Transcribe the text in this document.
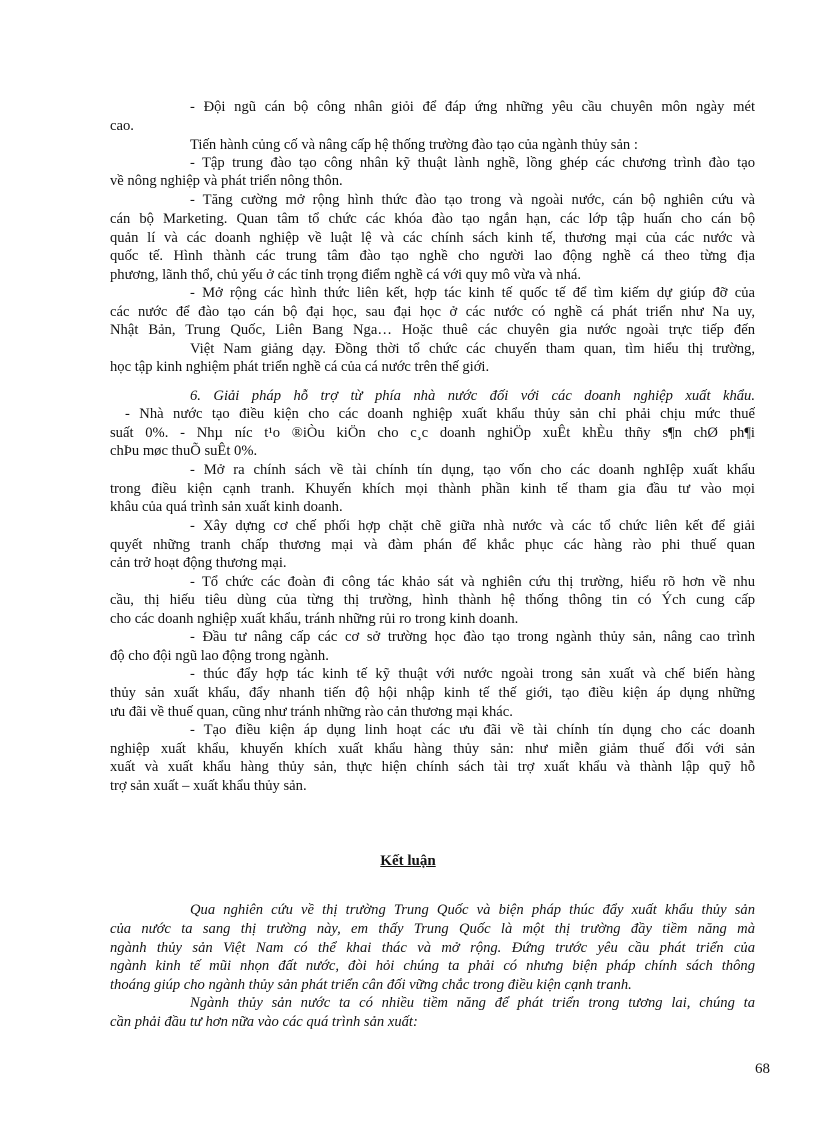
- Đội ngũ cán bộ công nhân giỏi để đáp ứng những yêu cầu chuyên môn ngày mét
cao.
Tiến hành củng cố và nâng cấp hệ thống trường đào tạo của ngành thủy sản :
- Tập trung đào tạo công nhân kỹ thuật lành nghề, lồng ghép các chương trình đào tạo
về nông nghiệp và phát triển nông thôn.
- Tăng cường mở rộng hình thức đào tạo trong và ngoài nước, cán bộ nghiên cứu và
cán bộ Marketing. Quan tâm tổ chức các khóa đào tạo ngắn hạn, các lớp tập huấn cho cán bộ
quản lí và các doanh nghiệp về luật lệ và các chính sách kinh tế, thương mại của các nước và
quốc tế. Hình thành các trung tâm đào tạo nghề cho người lao động nghề cá theo từng địa
phương, lãnh thổ, chủ yếu ở các tỉnh trọng điểm nghề cá với quy mô vừa và nhá.
- Mở rộng các hình thức liên kết, hợp tác kinh tế quốc tế để tìm kiếm dự giúp đỡ của
các nước để đào tạo cán bộ đại học, sau đại học ở các nước có nghề cá phát triển như Na uy,
Nhật Bản, Trung Quốc, Liên Bang Nga… Hoặc thuê các chuyên gia nước ngoài trực tiếp đến
Việt Nam giảng dạy. Đồng thời tổ chức các chuyến tham quan, tìm hiểu thị trường,
học tập kinh nghiệm phát triển nghề cá của cá nước trên thế giới.
6. Giải pháp hỗ trợ từ phía nhà nước đối với các doanh nghiệp xuất khẩu.
- Nhà nước tạo điều kiện cho các doanh nghiệp xuất khẩu thủy sản chỉ phải chịu mức thuế
suất 0%. - Nhµ níc t¹o ®iÒu kiÖn cho c¸c doanh nghiÖp xuÊt khÈu thñy s¶n chØ ph¶i
chÞu møc thuÕ suÊt 0%.
- Mở ra chính sách về tài chính tín dụng, tạo vốn cho các doanh nghIệp xuất khẩu
trong điều kiện cạnh tranh. Khuyến khích mọi thành phần kinh tế tham gia đầu tư vào mọi
khâu của quá trình sản xuất kinh doanh.
- Xây dựng cơ chế phối hợp chặt chẽ giữa nhà nước và các tổ chức liên kết để giải
quyết những tranh chấp thương mại và đàm phán để khắc phục các hàng rào phi thuế quan
cản trở hoạt động thương mại.
- Tổ chức các đoàn đi công tác khảo sát và nghiên cứu thị trường, hiểu rõ hơn về nhu
cầu, thị hiếu tiêu dùng của từng thị trường, hình thành hệ thống thông tin có Ých cung cấp
cho các doanh nghiệp xuất khẩu, tránh những rủi ro trong kinh doanh.
- Đầu tư nâng cấp các cơ sở trường học đào tạo trong ngành thủy sản, nâng cao trình
độ cho đội ngũ lao động trong ngành.
- thúc đẩy hợp tác kinh tế kỹ thuật với nước ngoài trong sản xuất và chế biến hàng
thủy sản xuất khẩu, đẩy nhanh tiến độ hội nhập kinh tế thế giới, tạo điều kiện áp dụng những
ưu đãi về thuế quan, cũng như tránh những rào cản thương mại khác.
- Tạo điều kiện áp dụng linh hoạt các ưu đãi về tài chính tín dụng cho các doanh
nghiệp xuất khẩu, khuyến khích xuất khẩu hàng thủy sản: như miễn giảm thuế đối với sản
xuất và xuất khẩu hàng thủy sản, thực hiện chính sách tài trợ xuất khẩu và thành lập quỹ hỗ
trợ sản xuất – xuất khẩu thủy sản.
Qua nghiên cứu về thị trường Trung Quốc và biện pháp thúc đẩy xuất khẩu thủy sản
của nước ta sang thị trường này, em thấy Trung Quốc là một thị trường đầy tiềm năng mà
ngành thủy sản Việt Nam có thể khai thác và mở rộng. Đứng trước yêu cầu phát triển của
ngành kinh tế mũi nhọn đất nước, đòi hỏi chúng ta phải có nhưng biện pháp chính sách thông
thoáng giúp cho ngành thủy sản phát triển cân đối vững chắc trong điều kiện cạnh tranh.
Ngành thủy sản nước ta có nhiều tiềm năng để phát triển trong tương lai, chúng ta
cần phải đầu tư hơn nữa vào các quá trình sản xuất:
Kết luận
68
